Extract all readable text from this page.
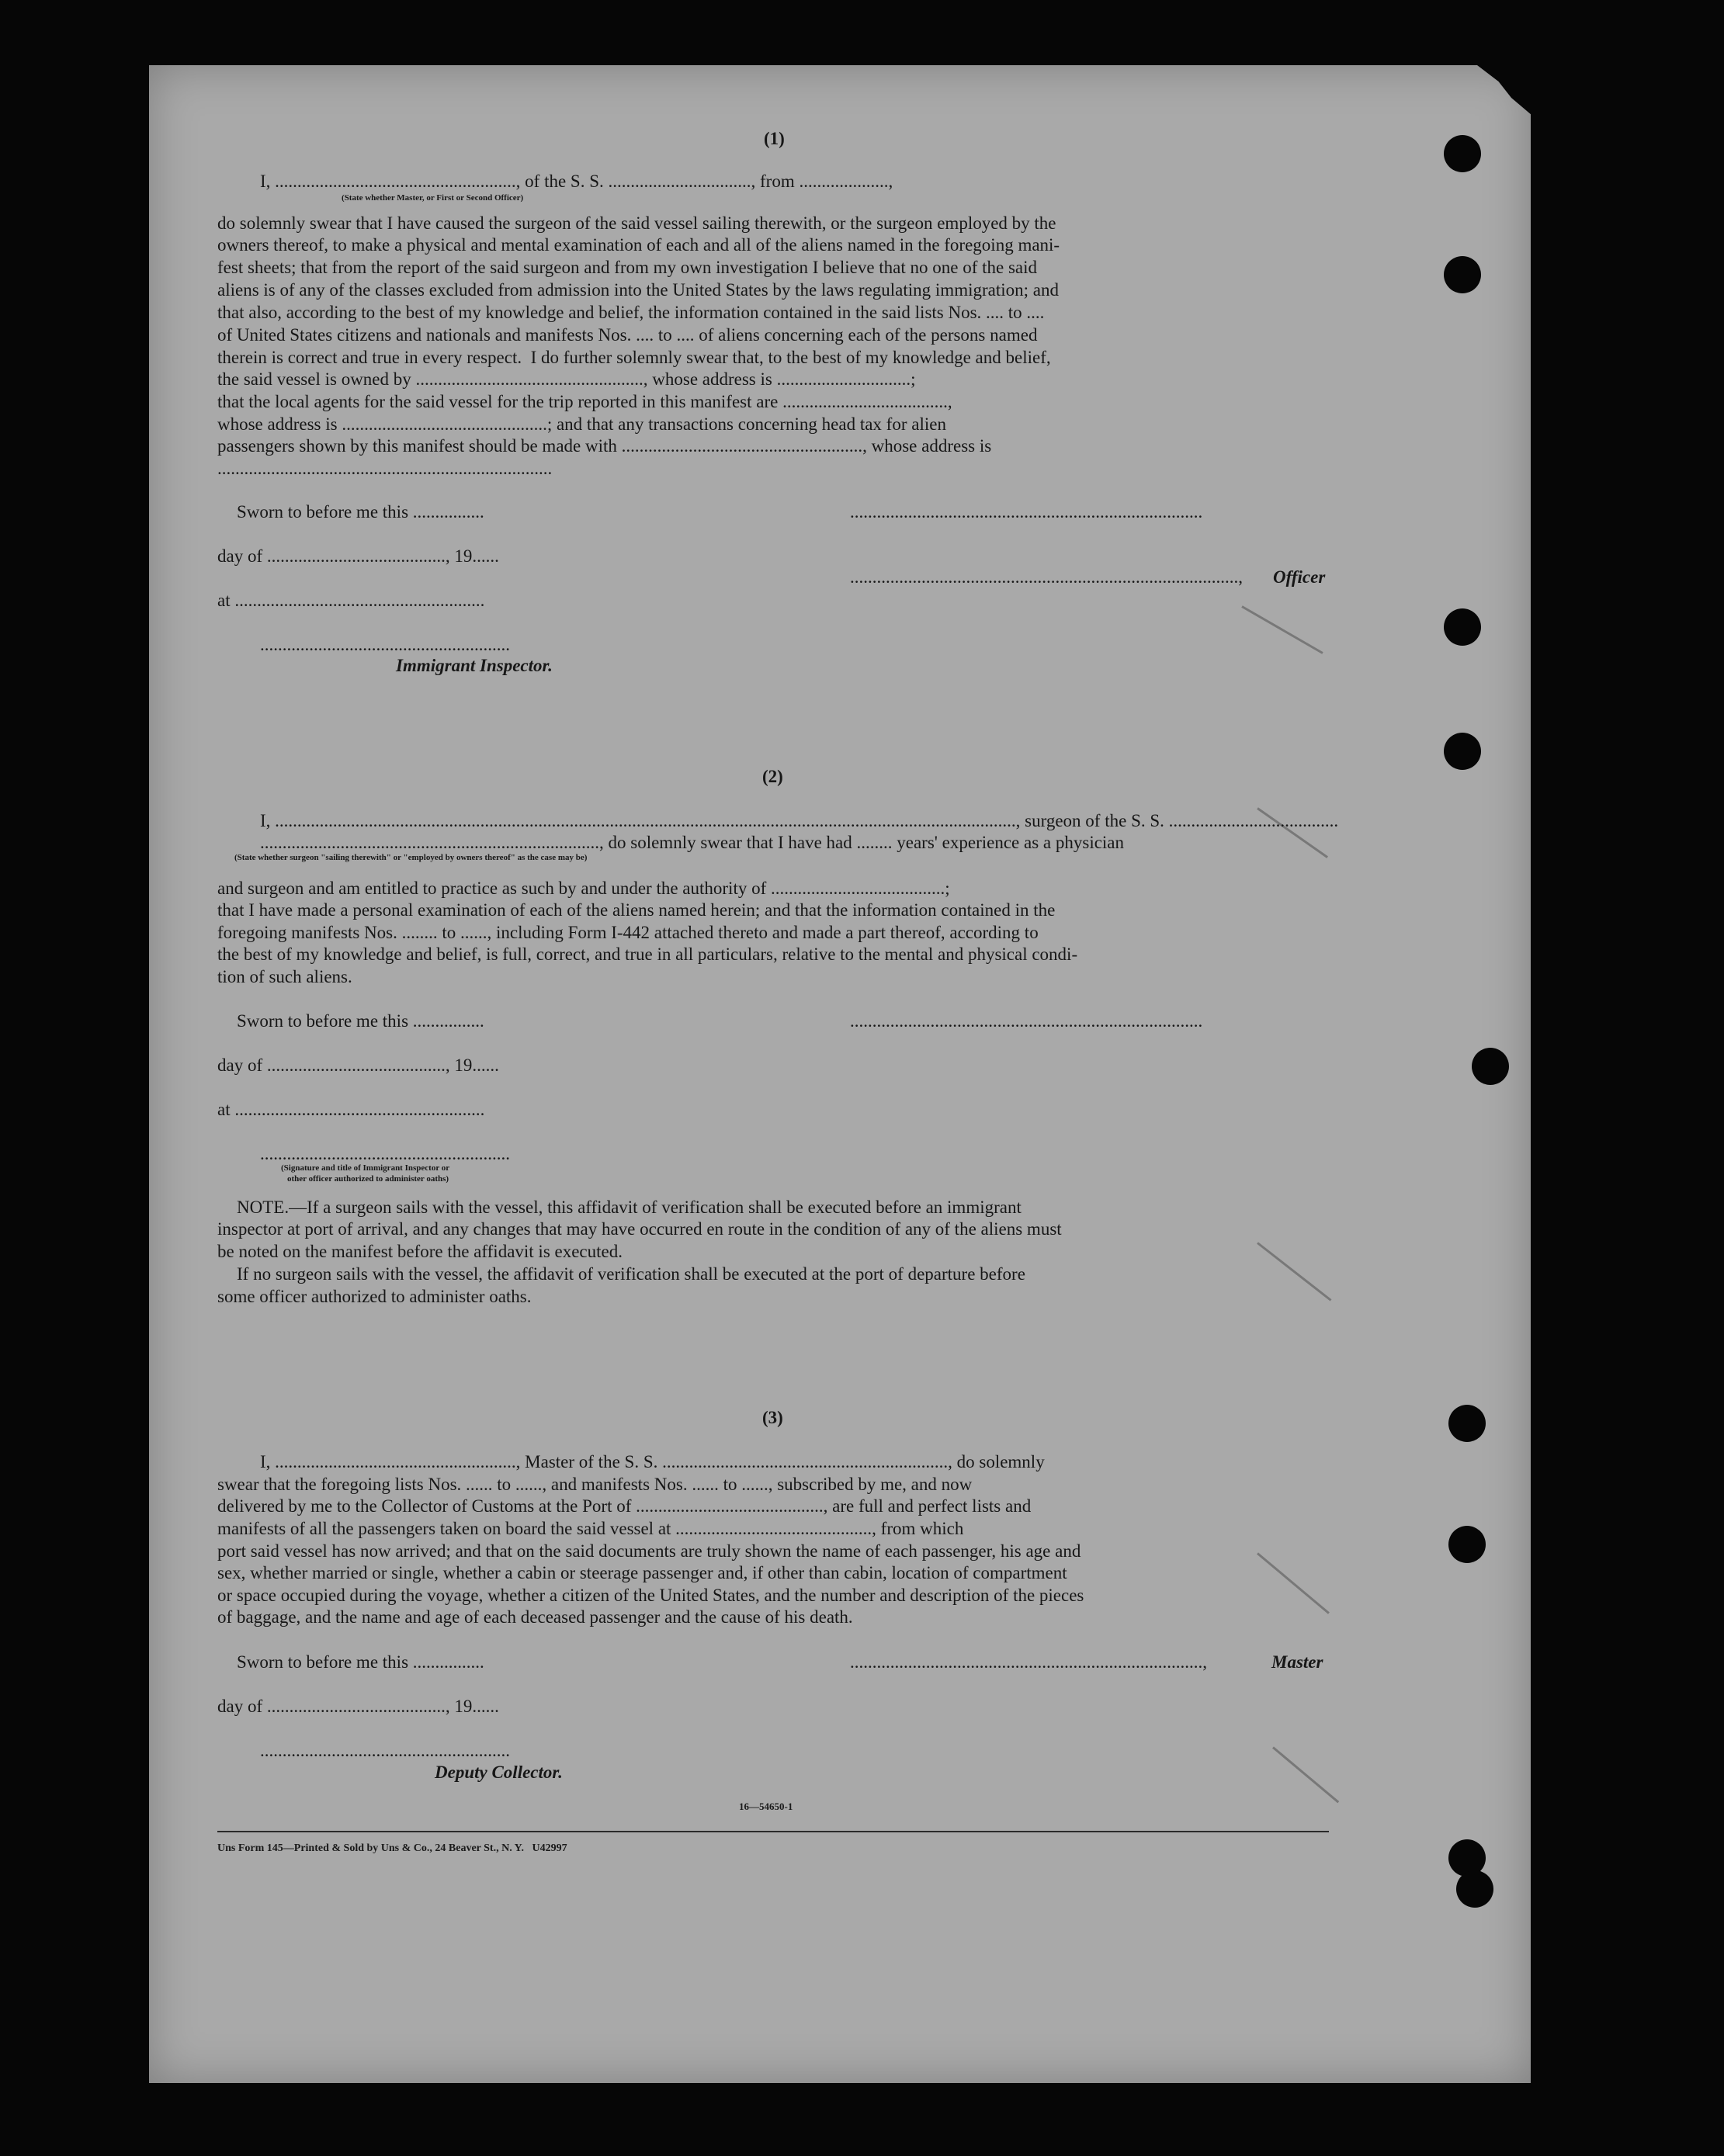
(1)
I, ......................................................, of the S. S. ................................, from ....................,
(State whether Master, or First or Second Officer)
do solemnly swear that I have caused the surgeon of the said vessel sailing therewith, or the surgeon employed by the
owners thereof, to make a physical and mental examination of each and all of the aliens named in the foregoing mani-
fest sheets; that from the report of the said surgeon and from my own investigation I believe that no one of the said
aliens is of any of the classes excluded from admission into the United States by the laws regulating immigration; and
that also, according to the best of my knowledge and belief, the information contained in the said lists Nos. .... to ....
of United States citizens and nationals and manifests Nos. .... to .... of aliens concerning each of the persons named
therein is correct and true in every respect.  I do further solemnly swear that, to the best of my knowledge and belief,
the said vessel is owned by ..................................................., whose address is ..............................;
that the local agents for the said vessel for the trip reported in this manifest are .....................................,
whose address is ..............................................; and that any transactions concerning head tax for alien
passengers shown by this manifest should be made with ......................................................, whose address is
...........................................................................
Sworn to before me this ................
day of ........................................, 19......
at ........................................................
........................................................
Immigrant Inspector.
...............................................................................
......................................................................................., Officer
(2)
I, ......................................................................................................................................................................, surgeon of the S. S. ......................................
............................................................................, do solemnly swear that I have had ........ years' experience as a physician
(State whether surgeon "sailing therewith" or "employed by owners thereof" as the case may be)
and surgeon and am entitled to practice as such by and under the authority of .......................................;
that I have made a personal examination of each of the aliens named herein; and that the information contained in the
foregoing manifests Nos. ........ to ......, including Form I-442 attached thereto and made a part thereof, according to
the best of my knowledge and belief, is full, correct, and true in all particulars, relative to the mental and physical condi-
tion of such aliens.
Sworn to before me this ................
day of ........................................, 19......
at ........................................................
........................................................
(Signature and title of Immigrant Inspector or
other officer authorized to administer oaths)
...............................................................................
NOTE.—If a surgeon sails with the vessel, this affidavit of verification shall be executed before an immigrant
inspector at port of arrival, and any changes that may have occurred en route in the condition of any of the aliens must
be noted on the manifest before the affidavit is executed.
If no surgeon sails with the vessel, the affidavit of verification shall be executed at the port of departure before
some officer authorized to administer oaths.
(3)
I, ......................................................, Master of the S. S. ................................................................, do solemnly
swear that the foregoing lists Nos. ...... to ......, and manifests Nos. ...... to ......, subscribed by me, and now
delivered by me to the Collector of Customs at the Port of .........................................., are full and perfect lists and
manifests of all the passengers taken on board the said vessel at ............................................, from which
port said vessel has now arrived; and that on the said documents are truly shown the name of each passenger, his age and
sex, whether married or single, whether a cabin or steerage passenger and, if other than cabin, location of compartment
or space occupied during the voyage, whether a citizen of the United States, and the number and description of the pieces
of baggage, and the name and age of each deceased passenger and the cause of his death.
Sworn to before me this ................
day of ........................................, 19......
........................................................
Deputy Collector.
...............................................................................,	Master
16—54650-1
Uns Form 145—Printed & Sold by Uns & Co., 24 Beaver St., N. Y.   U42997
